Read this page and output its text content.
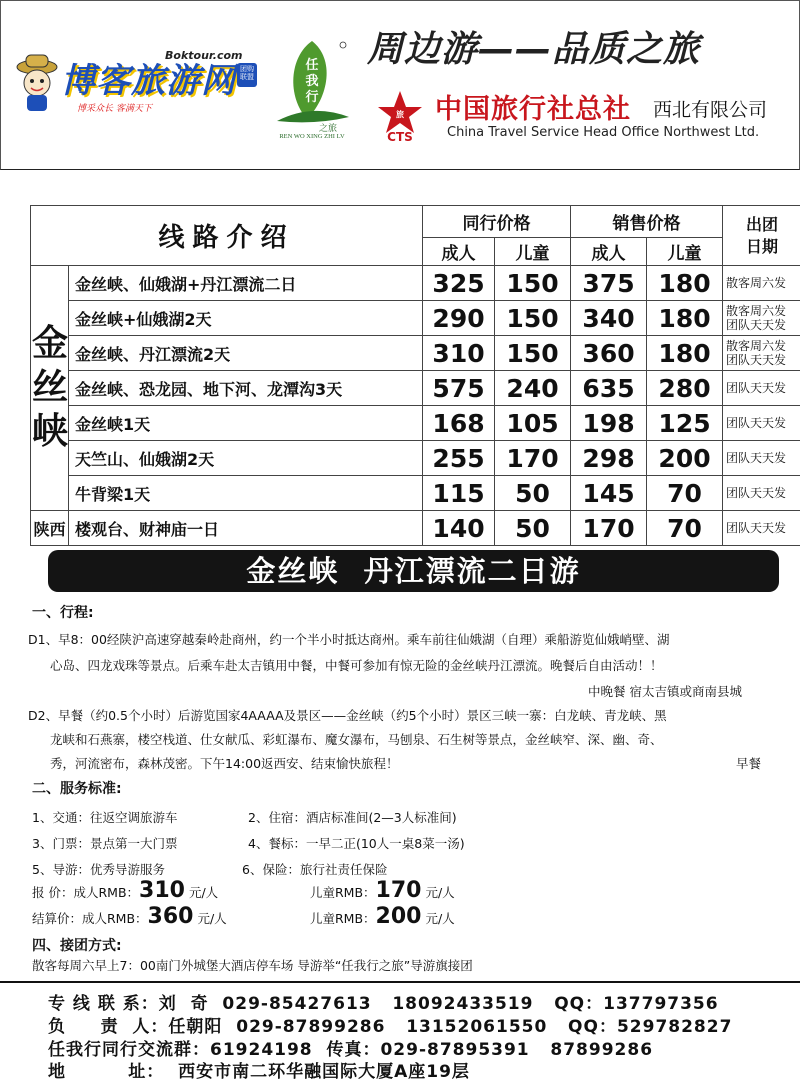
博客旅游网
Boktour.com
博采众长 客满天下
团购联盟
任
我
行
之旅
REN WO XING ZHI LV
周边游——品质之旅
旅
CTS
中国旅行社总社 西北有限公司
China Travel Service Head Office Northwest Ltd.
线路介绍		同行价格		销售价格		出团
日期

		成人	儿童	成人	儿童	
金丝峡	金丝峡、仙娥湖+丹江漂流二日	325	150	375	180	散客周六发

	金丝峡+仙娥湖2天	290	150	340	180	散客周六发
团队天天发

	金丝峡、丹江漂流2天	310	150	360	180	散客周六发
团队天天发

	金丝峡、恐龙园、地下河、龙潭沟3天	575	240	635	280	团队天天发

	金丝峡1天	168	105	198	125	团队天天发

	天竺山、仙娥湖2天	255	170	298	200	团队天天发

	牛背梁1天	115	50	145	70	团队天天发

陕西	楼观台、财神庙一日	140	50	170	70	团队天天发
金丝峡  丹江漂流二日游
一、行程:
D1、早8：00经陕沪高速穿越秦岭赴商州，约一个半小时抵达商州。乘车前往仙娥湖（自理）乘船游览仙娥峭壁、湖
心岛、四龙戏珠等景点。后乘车赴太吉镇用中餐，中餐可参加有惊无险的金丝峡丹江漂流。晚餐后自由活动！！
中晚餐 宿太吉镇或商南县城
D2、早餐（约0.5个小时）后游览国家4AAAA及景区——金丝峡（约5个小时）景区三峡一寨：白龙峡、青龙峡、黑
龙峡和石燕寨，楼空栈道、仕女献瓜、彩虹瀑布、魔女瀑布，马刨泉、石生树等景点，金丝峡窄、深、幽、奇、
秀，河流密布，森林茂密。下午14:00返西安、结束愉快旅程！	早餐
二、服务标准:
1、交通：往返空调旅游车	2、住宿：酒店标准间(2—3人标准间)
3、门票：景点第一大门票	4、餐标：一早二正(10人一桌8菜一汤)
5、导游：优秀导游服务	6、保险：旅行社责任保险
报 价：成人RMB：310 元/人	儿童RMB：170 元/人
结算价：成人RMB：360 元/人	儿童RMB：200 元/人
四、接团方式:
散客每周六早上7：00南门外城堡大酒店停车场 导游举“任我行之旅”导游旗接团
专 线 联 系：刘  奇  029-85427613   18092433519   QQ：137797356
负     责  人：任朝阳  029-87899286   13152061550   QQ：529782827
任我行同行交流群：61924198  传真：029-87895391   87899286
地         址：  西安市南二环华融国际大厦A座19层
